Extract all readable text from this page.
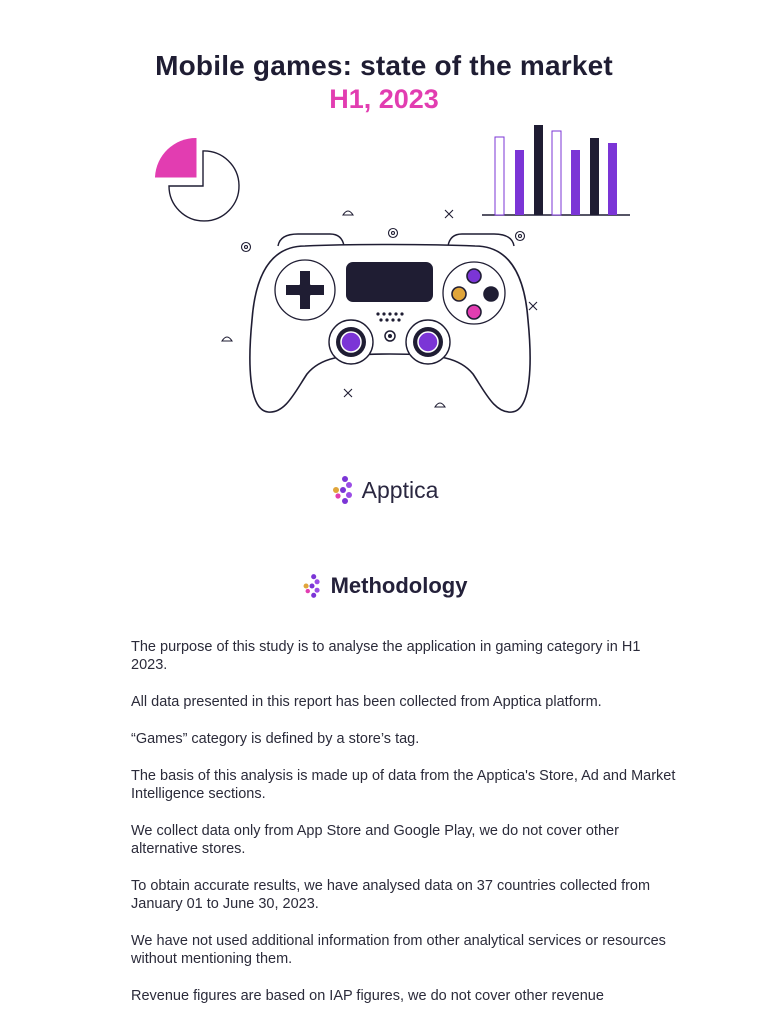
Mobile games: state of the market
H1, 2023
Apptica
Methodology

The purpose of this study is to analyse the application in gaming category in H1 2023.

All data presented in this report has been collected from Apptica platform.

“Games” category is defined by a store’s tag.

The basis of this analysis is made up of data from the Apptica's Store, Ad and Market Intelligence sections.

We collect data only from App Store and Google Play, we do not cover other alternative stores.

To obtain accurate results, we have analysed data on 37 countries collected from January 01 to June 30, 2023.

We have not used additional information from other analytical services or resources without mentioning them.

Revenue figures are based on IAP figures, we do not cover other revenue
